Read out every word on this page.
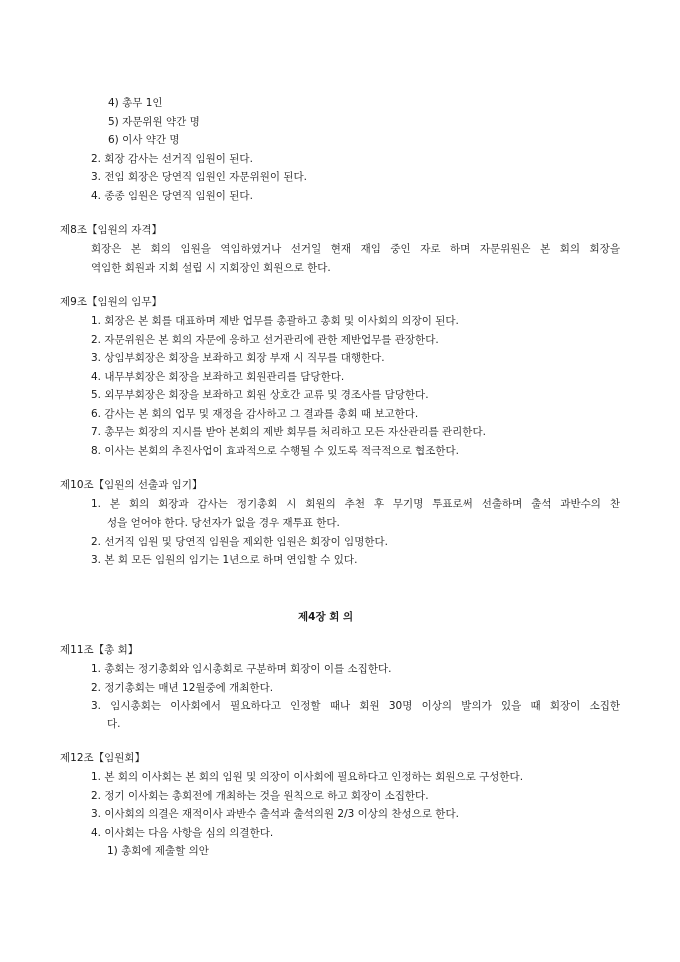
4) 총무 1인
5) 자문위원 약간 명
6) 이사 약간 명
2. 회장 감사는 선거직 임원이 된다.
3. 전임 회장은 당연직 임원인 자문위원이 된다.
4. 종종 임원은 당연직 임원이 된다.
제8조【임원의 자격】
회장은 본 회의 임원을 역임하였거나 선거일 현재 재임 중인 자로 하며 자문위원은 본 회의 회장을
역임한 회원과 지회 설립 시 지회장인 회원으로 한다.
제9조【임원의 임무】
1. 회장은 본 회를 대표하며 제반 업무를 총괄하고 총회 및 이사회의 의장이 된다.
2. 자문위원은 본 회의 자문에 응하고 선거관리에 관한 제반업무를 관장한다.
3. 상임부회장은 회장을 보좌하고 회장 부재 시 직무를 대행한다.
4. 내무부회장은 회장을 보좌하고 회원관리를 담당한다.
5. 외무부회장은 회장을 보좌하고 회원 상호간 교류 및 경조사를 담당한다.
6. 감사는 본 회의 업무 및 재정을 감사하고 그 결과를 총회 때 보고한다.
7. 총무는 회장의 지시를 받아 본회의 제반 회무를 처리하고 모든 자산관리를 관리한다.
8. 이사는 본회의 추진사업이 효과적으로 수행될 수 있도록 적극적으로 협조한다.
제10조【임원의 선출과 임기】
1. 본 회의 회장과 감사는 정기총회 시 회원의 추천 후 무기명 투표로써 선출하며 출석 과반수의 찬
성을 얻어야 한다. 당선자가 없을 경우 재투표 한다.
2. 선거직 임원 및 당연직 임원을 제외한 임원은 회장이 임명한다.
3. 본 회 모든 임원의 임기는 1년으로 하며 연임할 수 있다.
제4장 회 의
제11조【총 회】
1. 총회는 정기총회와 임시총회로 구분하며 회장이 이를 소집한다.
2. 정기총회는 매년 12월중에 개최한다.
3. 임시총회는 이사회에서 필요하다고 인정할 때나 회원 30명 이상의 발의가 있을 때 회장이 소집한
다.
제12조【임원회】
1. 본 회의 이사회는 본 회의 임원 및 의장이 이사회에 필요하다고 인정하는 회원으로 구성한다.
2. 정기 이사회는 총회전에 개최하는 것을 원칙으로 하고 회장이 소집한다.
3. 이사회의 의결은 재적이사 과반수 출석과 출석의원 2/3 이상의 찬성으로 한다.
4. 이사회는 다음 사항을 심의 의결한다.
1) 총회에 제출할 의안
